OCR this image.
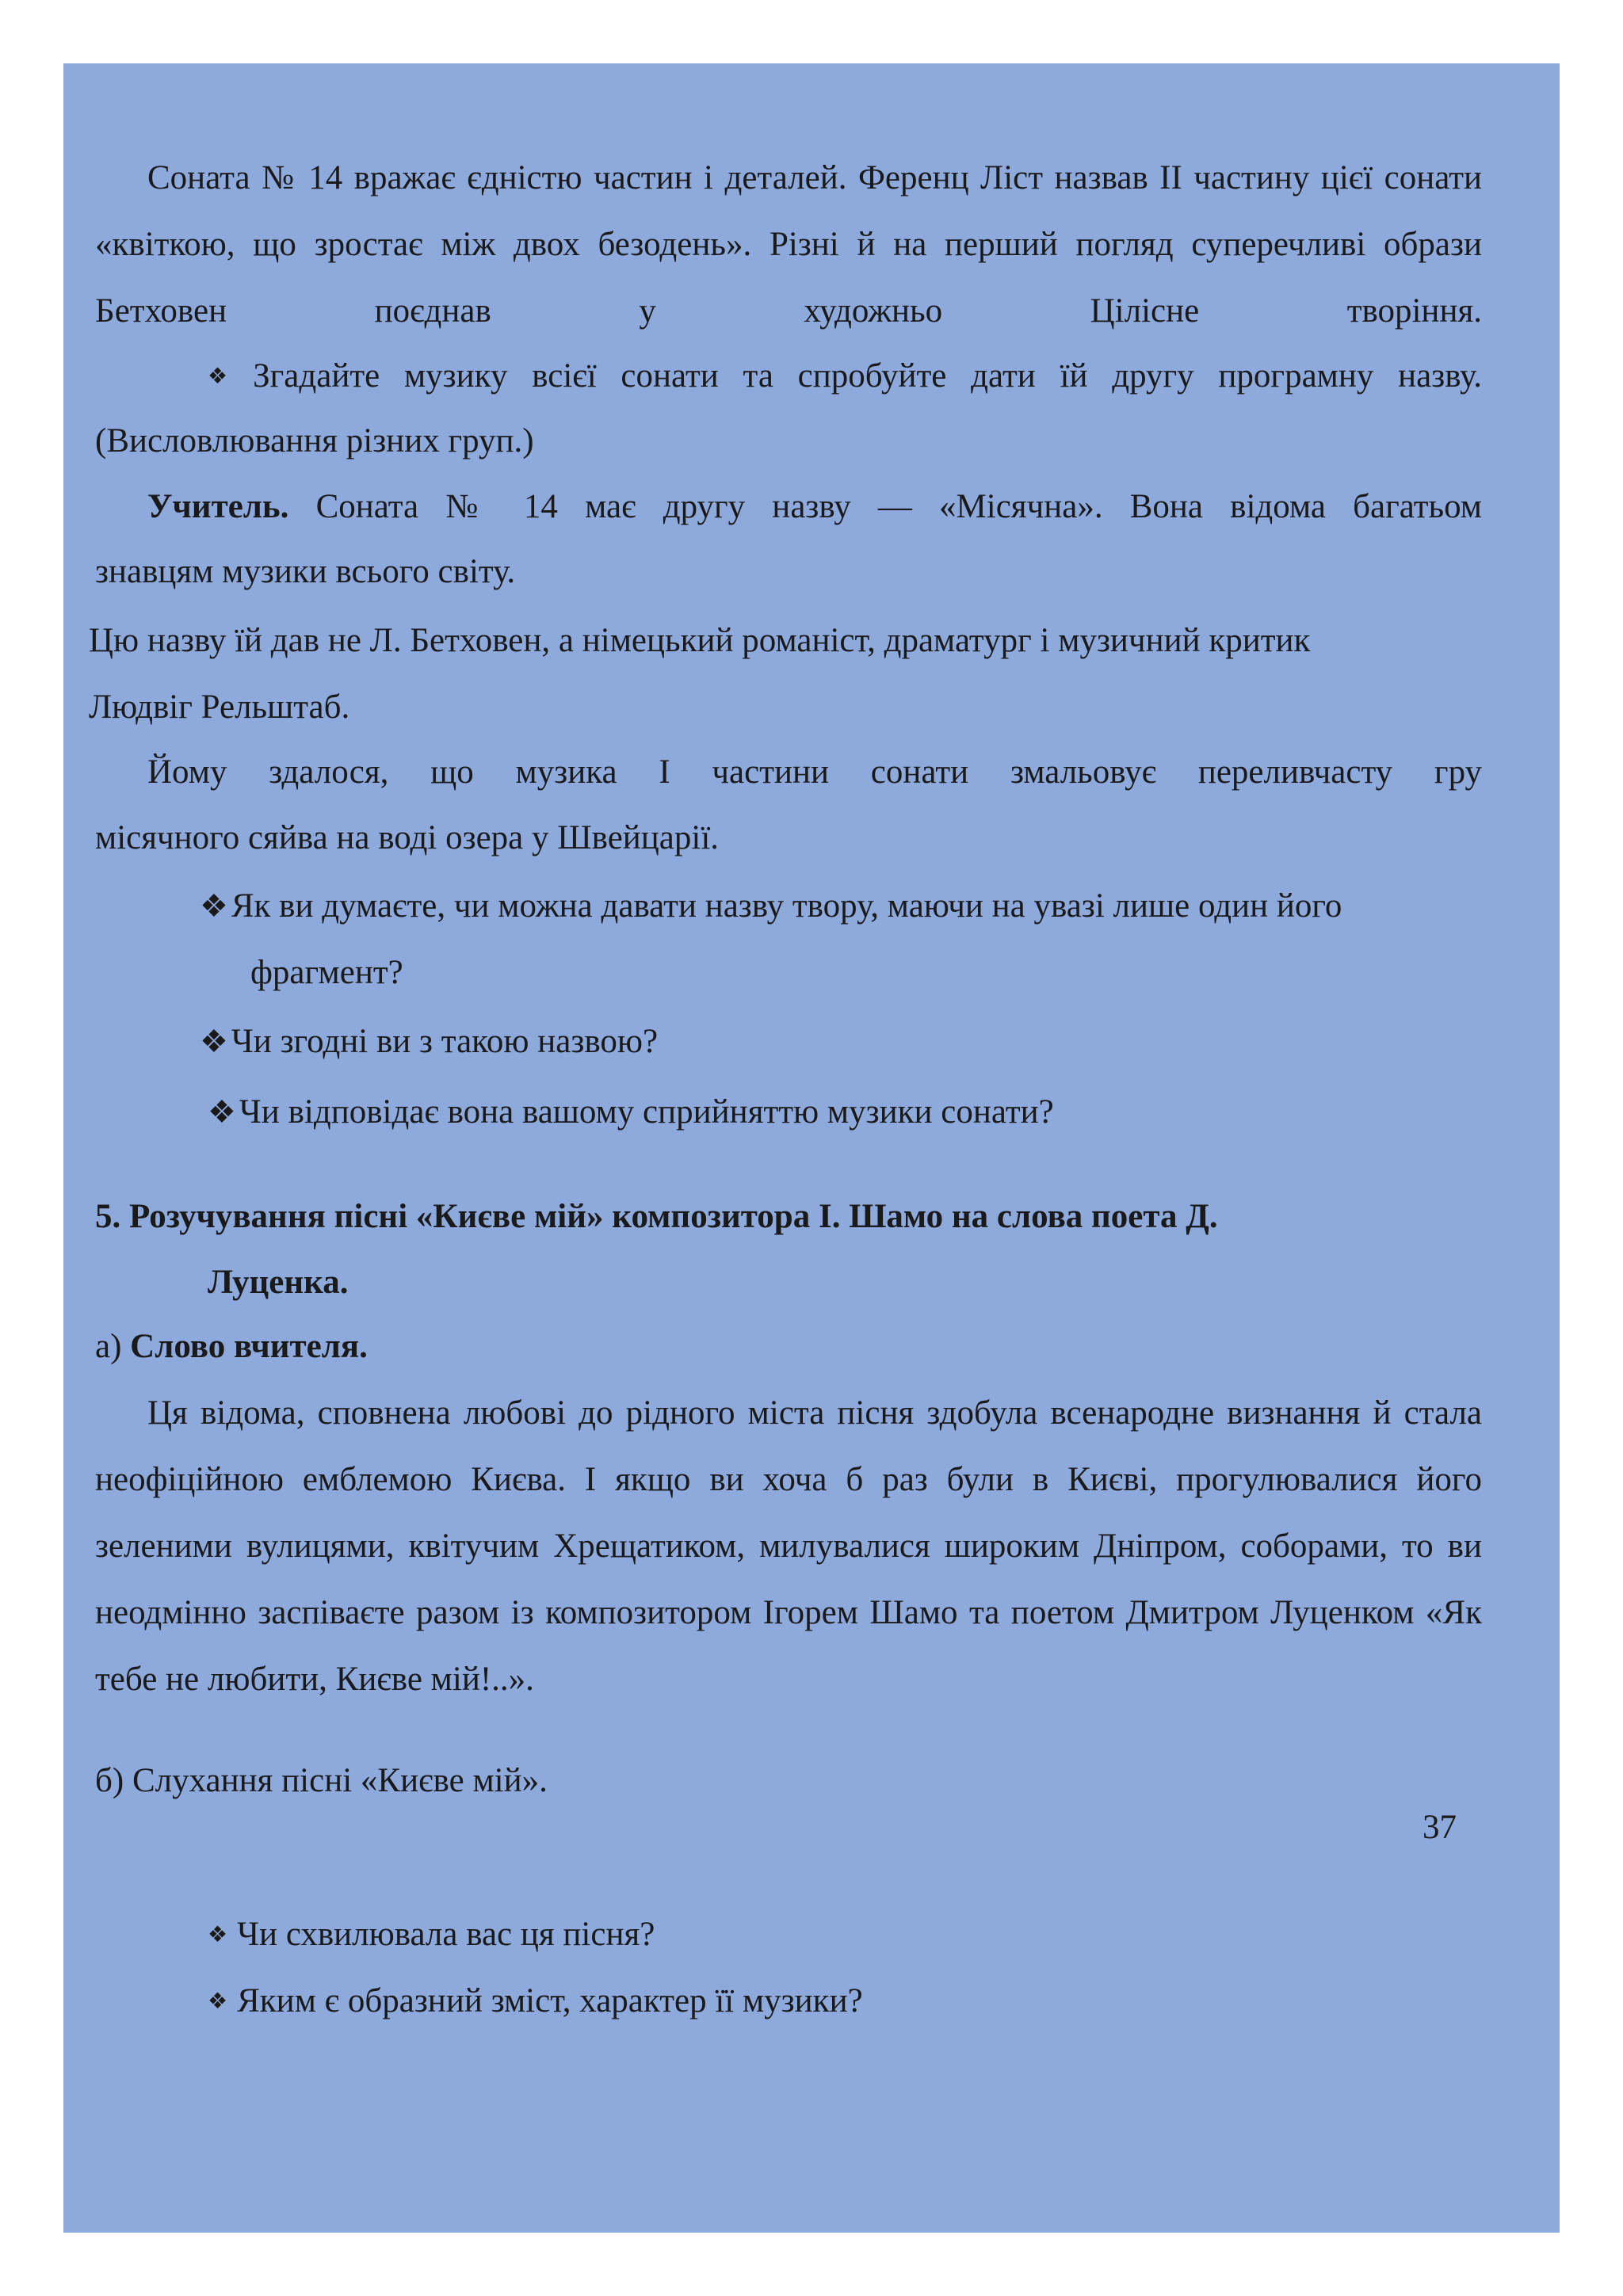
Соната № 14 вражає єдністю частин і деталей. Ференц Ліст назвав II частину цієї сонати «квіткою, що зростає між двох безодень». Різні й на перший погляд суперечливі образи Бетховен поєднав у художньо Цілісне творіння.

❖ Згадайте музику всієї сонати та спробуйте дати їй другу програмну назву.

(Висловлювання різних груп.)

Учитель. Соната № 14 має другу назву — «Місячна». Вона відома багатьом

знавцям музики всього світу.

Цю назву їй дав не Л. Бетховен, а німецький романіст, драматург і музичний критик

Людвіг Рельштаб.

Йому здалося, що музика І частини сонати змальовує переливчасту гру

місячного сяйва на воді озера у Швейцарії.

❖Як ви думаєте, чи можна давати назву твору, маючи на увазі лише один його

фрагмент?

❖Чи згодні ви з такою назвою?
❖Чи відповідає вона вашому сприйняттю музики сонати?

5. Розучування пісні «Києве мій» композитора І. Шамо на слова поета Д.

Луценка.

а) Слово вчителя.

Ця відома, сповнена любові до рідного міста пісня здобула всенародне визнання й стала неофіційною емблемою Києва. І якщо ви хоча б раз були в Києві, прогулювалися його зеленими вулицями, квітучим Хрещатиком, милувалися широким Дніпром, соборами, то ви неодмінно заспіваєте разом із композитором Ігорем Шамо та поетом Дмитром Луценком «Як тебе не любити, Києве мій!..».

б) Слухання пісні «Києве мій».

37
❖ Чи схвилювала вас ця пісня?
❖ Яким є образний зміст, характер її музики?
